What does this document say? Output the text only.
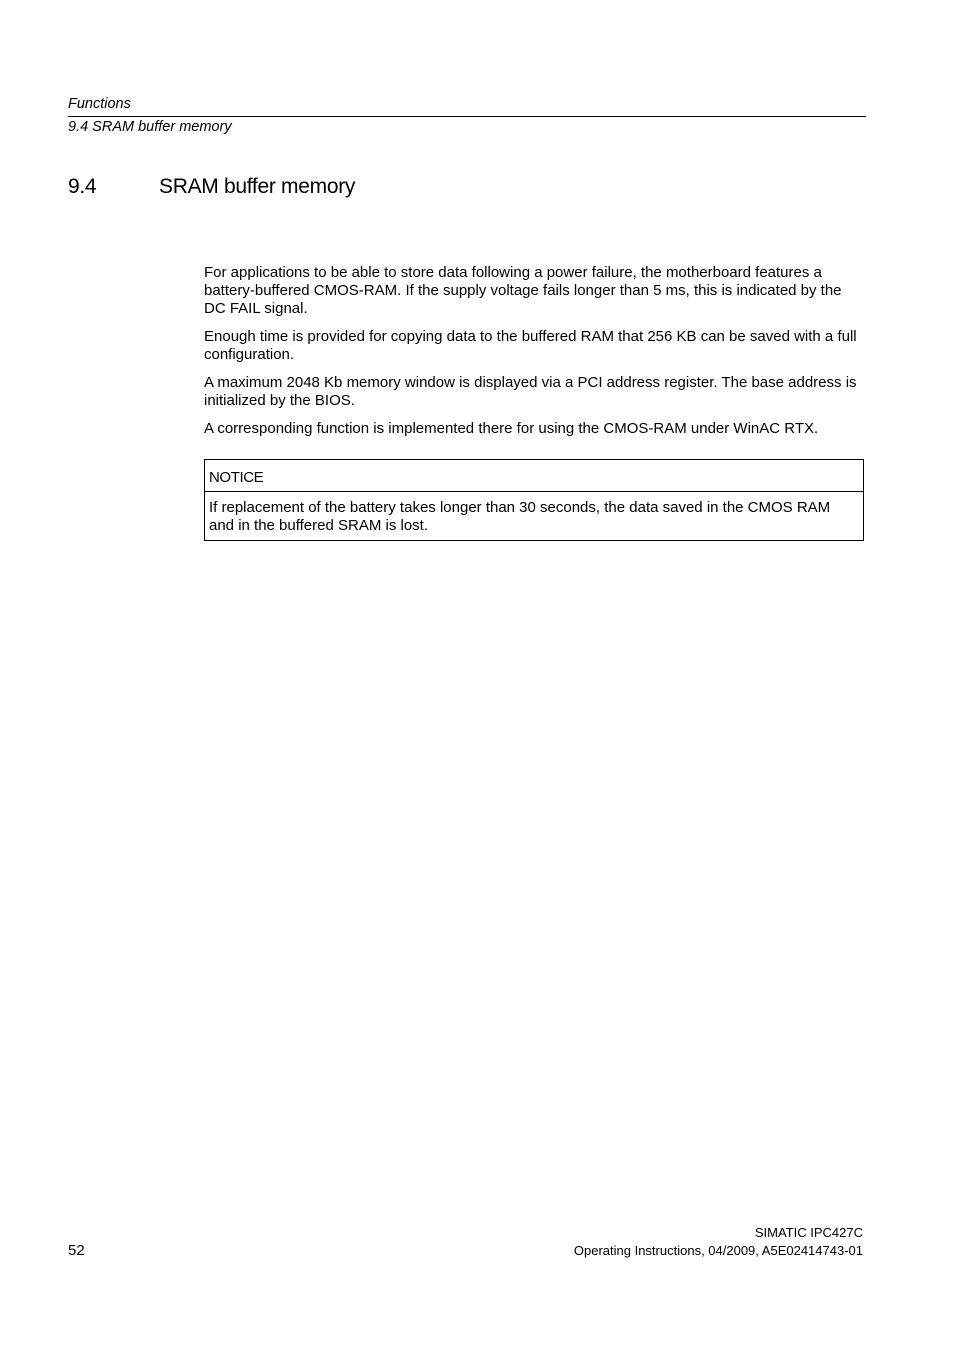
Functions

9.4 SRAM buffer memory

9.4	SRAM buffer memory

For applications to be able to store data following a power failure, the motherboard features a battery-buffered CMOS-RAM. If the supply voltage fails longer than 5 ms, this is indicated by the DC FAIL signal.

Enough time is provided for copying data to the buffered RAM that 256 KB can be saved with a full configuration.

A maximum 2048 Kb memory window is displayed via a PCI address register. The base address is initialized by the BIOS.

A corresponding function is implemented there for using the CMOS-RAM under WinAC RTX.

NOTICE
If replacement of the battery takes longer than 30 seconds, the data saved in the CMOS RAM and in the buffered SRAM is lost.
SIMATIC IPC427C
Operating Instructions, 04/2009, A5E02414743-01
52
